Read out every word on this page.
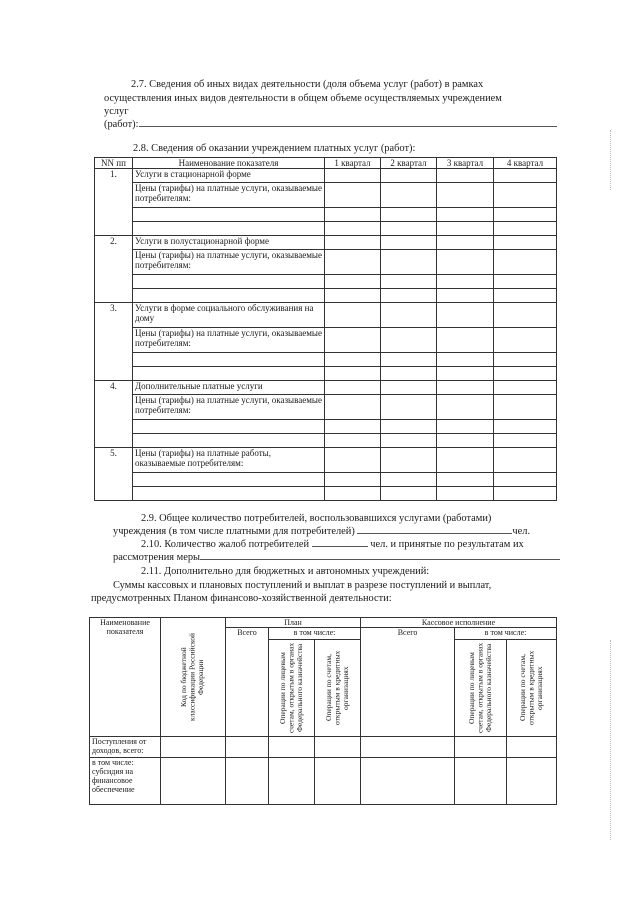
2.7. Сведения об иных видах деятельности (доля объема услуг (работ) в рамках
осуществления иных видов деятельности в общем объеме осуществляемых учреждением
услуг
(работ):
2.8. Сведения об оказании учреждением платных услуг (работ):
NN пп	Наименование показателя	1 квартал	2 квартал	3 квартал	4 квартал
1.	Услуги в стационарной форме				
	Цены (тарифы) на платные услуги, оказываемые потребителям:				

2.	Услуги в полустационарной форме				
	Цены (тарифы) на платные услуги, оказываемые потребителям:				

3.	Услуги в форме социального обслуживания на дому				
	Цены (тарифы) на платные услуги, оказываемые потребителям:				

4.	Дополнительные платные услуги				
	Цены (тарифы) на платные услуги, оказываемые потребителям:				

5.	Цены (тарифы) на платные работы, оказываемые потребителям:				

2.9. Общее количество потребителей, воспользовавшихся услугами (работами)
учреждения (в том числе платными для потребителей)	чел.
2.10. Количество жалоб потребителей	чел. и принятые по результатам их
рассмотрения меры
2.11. Дополнительно для бюджетных и автономных учреждений:
Суммы кассовых и плановых поступлений и выплат в разрезе поступлений и выплат,
предусмотренных Планом финансово-хозяйственной деятельности:
Наименование показателя	Код по бюджетной классификации Российской Федерации	План			Кассовое исполнение		
		Всего	в том числе:		Всего	в том числе:	

			Операции по лицевым счетам, открытым в органах Федерального казначейства	Операции по счетам, открытым в кредитных организациях		Операции по лицевым счетам, открытым в органах Федерального казначейства	Операции по счетам, открытым в кредитных организациях

Поступления от доходов, всего:							
в том числе: субсидия на финансовое обеспечение							
